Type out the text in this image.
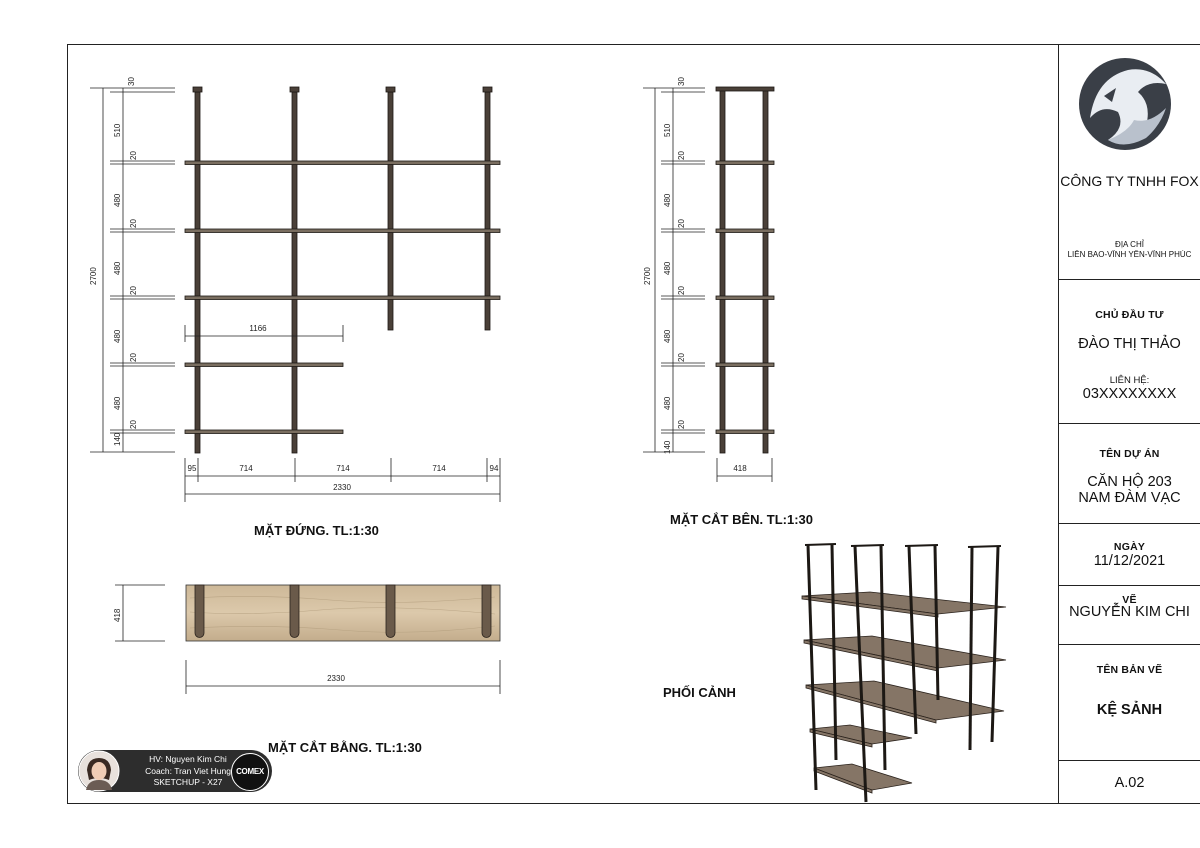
30
510
20
480
20
480
20
480
20
480
20
140
2700
1166
95	714	714	714	94
2330
30
510
20
480
20
480
20
480
20
480
20
140
2700
418
418
2330
MẶT ĐỨNG. TL:1:30
MẶT CẮT BÊN. TL:1:30
MẶT CẮT BẰNG. TL:1:30
PHỐI CẢNH
CÔNG TY TNHH FOX
ĐỊA CHỈ
LIÊN BAO-VĨNH YÊN-VĨNH PHÚC
CHỦ ĐẦU TƯ
ĐÀO THỊ THẢO
LIÊN HỆ:
03XXXXXXXX
TÊN DỰ ÁN
CĂN HỘ 203
NAM ĐÀM VẠC
NGÀY
11/12/2021
VẼ
NGUYỄN KIM CHI
TÊN BẢN VẼ
KỆ SẢNH
A.02
HV: Nguyen Kim Chi
Coach: Tran Viet Hung
SKETCHUP - X27
COMEX
